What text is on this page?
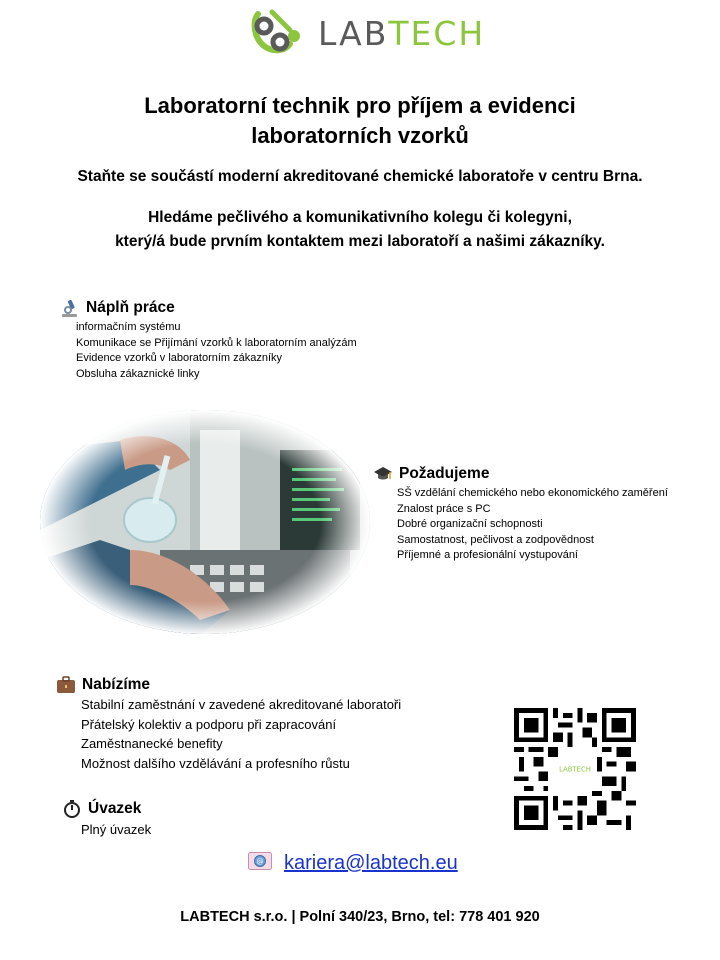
LABTECH
Laboratorní technik pro příjem a evidenci
laboratorních vzorků
Staňte se součástí moderní akreditované chemické laboratoře v centru Brna.
Hledáme pečlivého a komunikativního kolegu či kolegyni,
který/á bude prvním kontaktem mezi laboratoří a našimi zákazníky.
Náplň práce
informačním systému
Komunikace se Přijímání vzorků k laboratorním analýzám
Evidence vzorků v laboratorním zákazníky
Obsluha zákaznické linky
Požadujeme
SŠ vzdělání chemického nebo ekonomického zaměření
Znalost práce s PC
Dobré organizační schopnosti
Samostatnost, pečlivost a zodpovědnost
Příjemné a profesionální vystupování
Nabízíme
Stabilní zaměstnání v zavedené akreditované laboratoři
Přátelský kolektiv a podporu při zapracování
Zaměstnanecké benefity
Možnost dalšího vzdělávání a profesního růstu
Úvazek
Plný úvazek
LABTECH
@ kariera@labtech.eu
LABTECH s.r.o. | Polní 340/23, Brno, tel: 778 401 920
